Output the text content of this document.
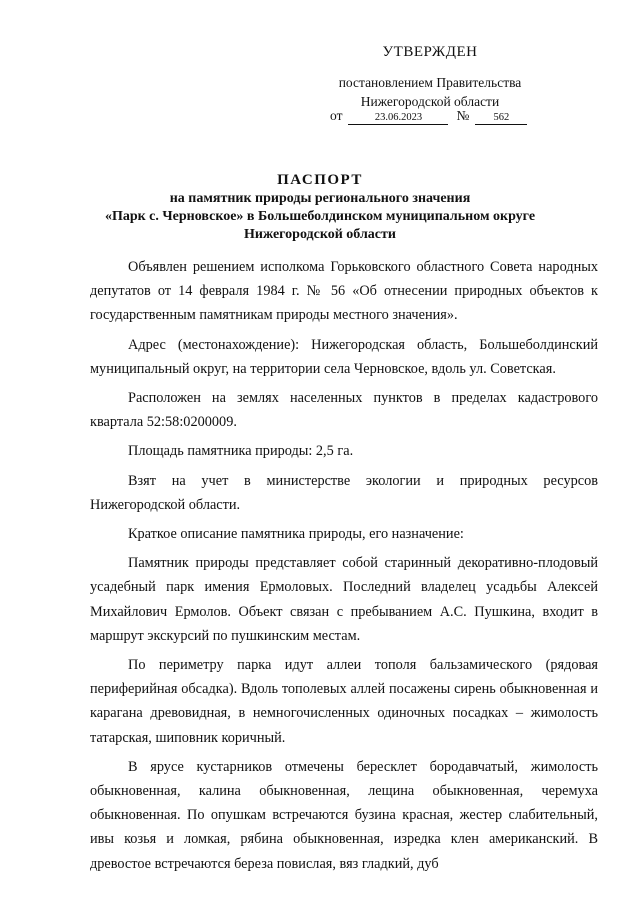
УТВЕРЖДЕН
постановлением Правительства
Нижегородской области
от	23.06.2023	№ 562
ПАСПОРТ
на памятник природы регионального значения
«Парк с. Черновское» в Большеболдинском муниципальном округе
Нижегородской области

Объявлен решением исполкома Горьковского областного Совета народных депутатов от 14 февраля 1984 г. № 56 «Об отнесении природных объектов к государственным памятникам природы местного значения».

Адрес (местонахождение): Нижегородская область, Большеболдинский муниципальный округ, на территории села Черновское, вдоль ул. Советская.

Расположен на землях населенных пунктов в пределах кадастрового квартала 52:58:0200009.

Площадь памятника природы: 2,5 га.

Взят на учет в министерстве экологии и природных ресурсов Нижегородской области.

Краткое описание памятника природы, его назначение:

Памятник природы представляет собой старинный декоративно-плодовый усадебный парк имения Ермоловых. Последний владелец усадьбы Алексей Михайлович Ермолов. Объект связан с пребыванием А.С. Пушкина, входит в маршрут экскурсий по пушкинским местам.

По периметру парка идут аллеи тополя бальзамического (рядовая периферийная обсадка). Вдоль тополевых аллей посажены сирень обыкновенная и карагана древовидная, в немногочисленных одиночных посадках – жимолость татарская, шиповник коричный.

В ярусе кустарников отмечены бересклет бородавчатый, жимолость обыкновенная, калина обыкновенная, лещина обыкновенная, черемуха обыкновенная. По опушкам встречаются бузина красная, жестер слабительный, ивы козья и ломкая, рябина обыкновенная, изредка клен американский. В древостое встречаются береза повислая, вяз гладкий, дуб
